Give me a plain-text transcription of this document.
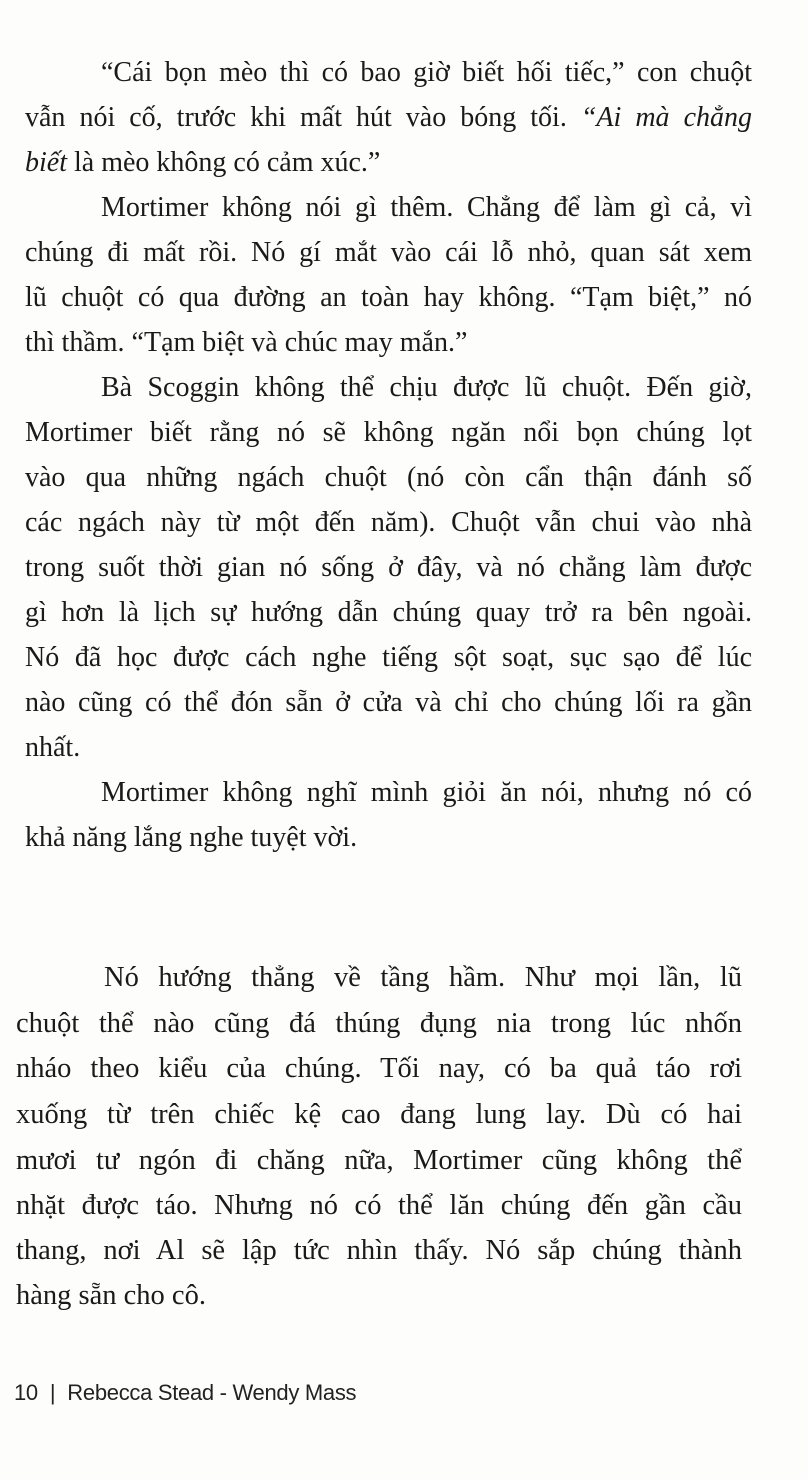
“Cái bọn mèo thì có bao giờ biết hối tiếc,” con chuột
vẫn nói cố, trước khi mất hút vào bóng tối. “Ai mà chẳng
biết là mèo không có cảm xúc.”
Mortimer không nói gì thêm. Chẳng để làm gì cả, vì
chúng đi mất rồi. Nó gí mắt vào cái lỗ nhỏ, quan sát xem
lũ chuột có qua đường an toàn hay không. “Tạm biệt,” nó
thì thầm. “Tạm biệt và chúc may mắn.”
Bà Scoggin không thể chịu được lũ chuột. Đến giờ,
Mortimer biết rằng nó sẽ không ngăn nổi bọn chúng lọt
vào qua những ngách chuột (nó còn cẩn thận đánh số
các ngách này từ một đến năm). Chuột vẫn chui vào nhà
trong suốt thời gian nó sống ở đây, và nó chẳng làm được
gì hơn là lịch sự hướng dẫn chúng quay trở ra bên ngoài.
Nó đã học được cách nghe tiếng sột soạt, sục sạo để lúc
nào cũng có thể đón sẵn ở cửa và chỉ cho chúng lối ra gần
nhất.
Mortimer không nghĩ mình giỏi ăn nói, nhưng nó có
khả năng lắng nghe tuyệt vời.
Nó hướng thẳng về tầng hầm. Như mọi lần, lũ
chuột thể nào cũng đá thúng đụng nia trong lúc nhốn
nháo theo kiểu của chúng. Tối nay, có ba quả táo rơi
xuống từ trên chiếc kệ cao đang lung lay. Dù có hai
mươi tư ngón đi chăng nữa, Mortimer cũng không thể
nhặt được táo. Nhưng nó có thể lăn chúng đến gần cầu
thang, nơi Al sẽ lập tức nhìn thấy. Nó sắp chúng thành
hàng sẵn cho cô.
10 | Rebecca Stead - Wendy Mass
